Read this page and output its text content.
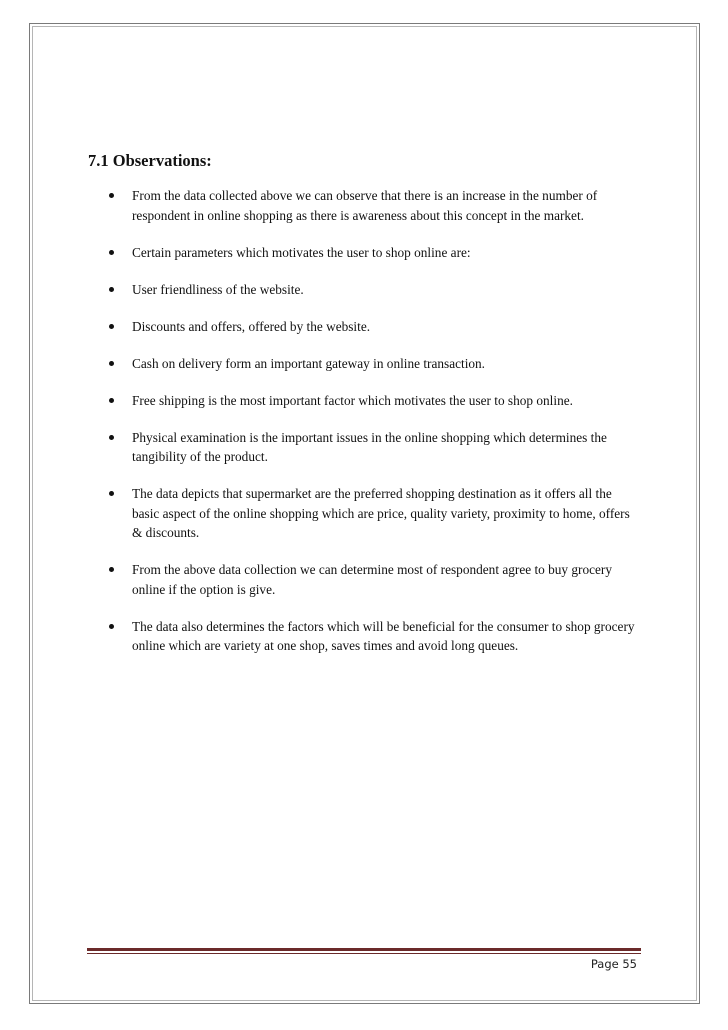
7.1 Observations:
From the data collected above we can observe that there is an increase in the number of respondent in online shopping as there is awareness about this concept in the market.
Certain parameters which motivates the user to shop online are:
User friendliness of the website.
Discounts and offers, offered by the website.
Cash on delivery form an important gateway in online transaction.
Free shipping is the most important factor which motivates the user to shop online.
Physical examination is the important issues in the online shopping which determines the tangibility of the product.
The data depicts that supermarket are the preferred shopping destination as it offers all the basic aspect of the online shopping which are price, quality variety, proximity to home, offers & discounts.
From the above data collection we can determine most of respondent agree to buy grocery online if the option is give.
The data also determines the factors which will be beneficial for the consumer to shop grocery online which are variety at one shop, saves times and avoid long queues.
Page 55
